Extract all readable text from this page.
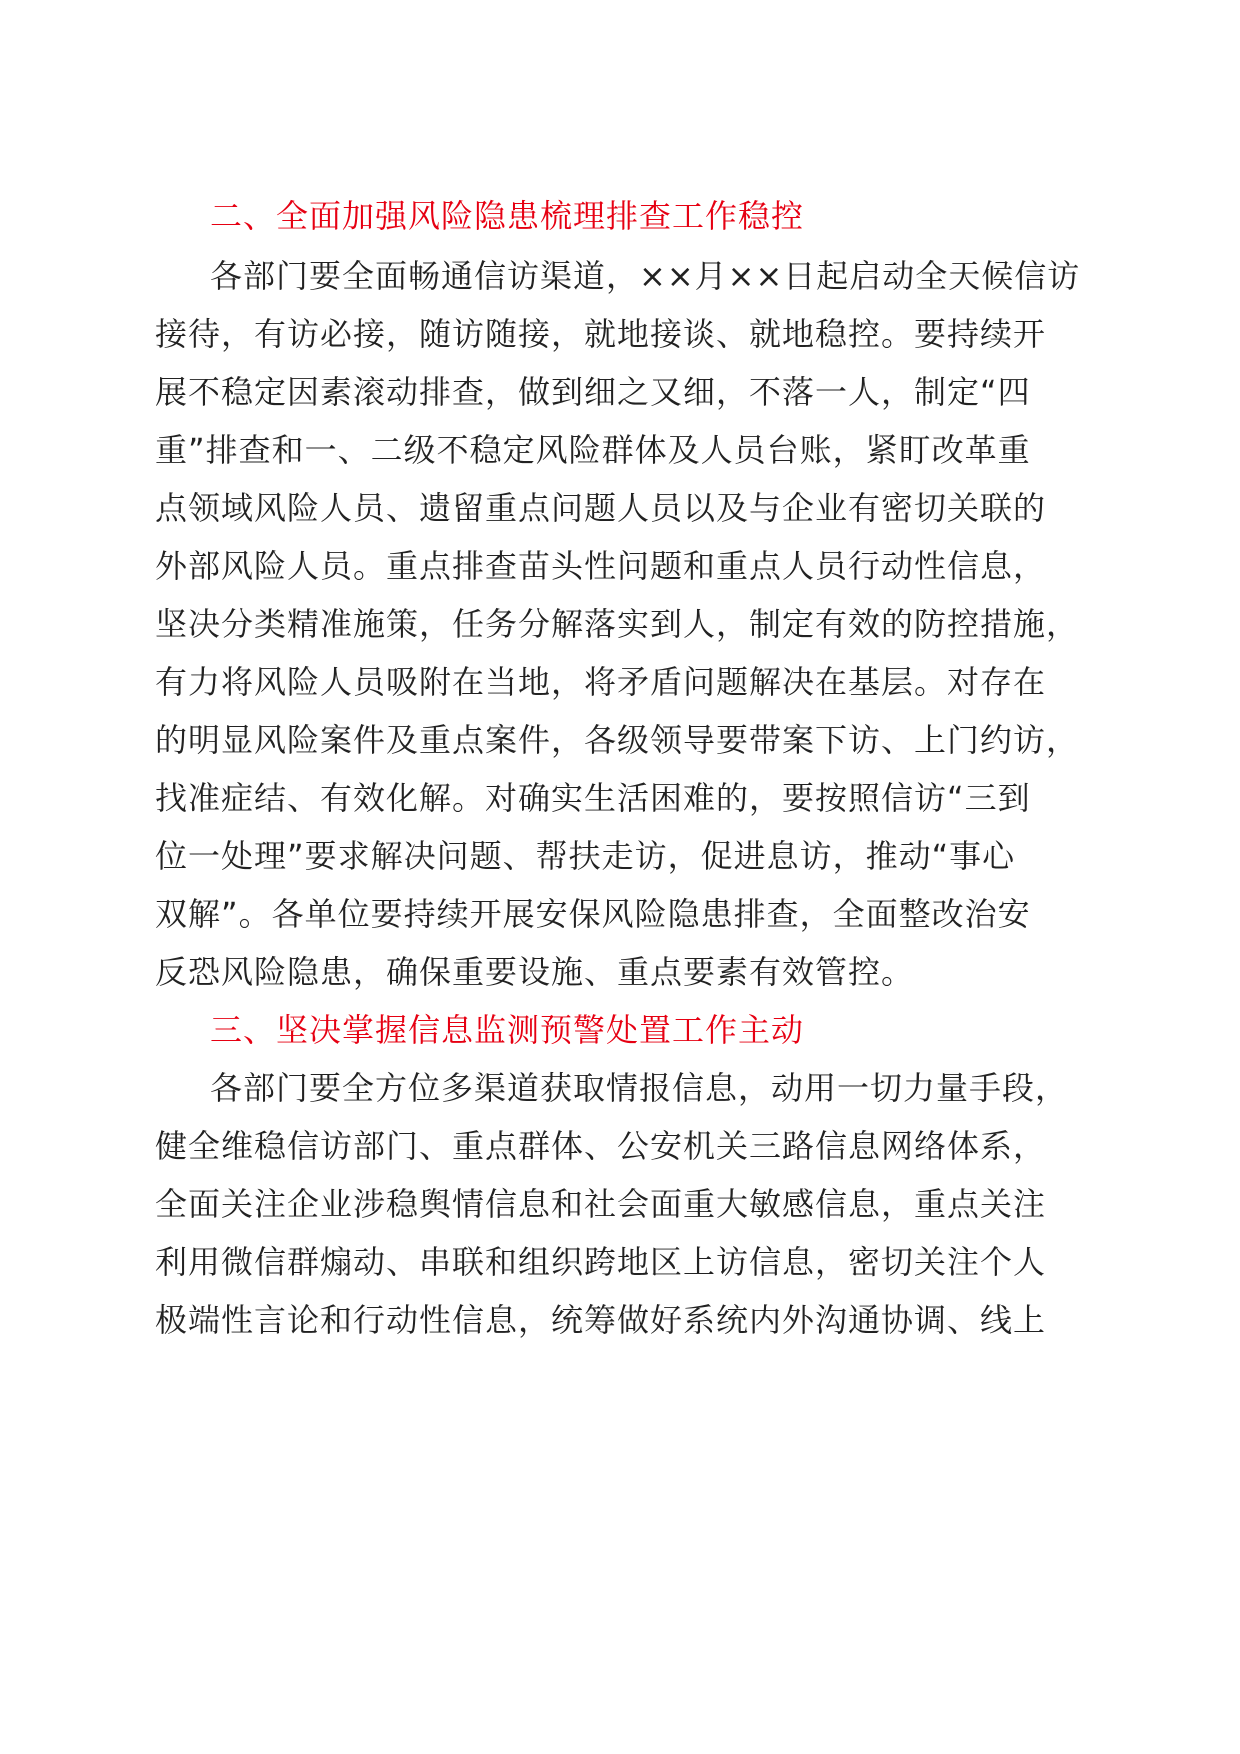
二、全面加强风险隐患梳理排查工作稳控
各部门要全面畅通信访渠道，××月××日起启动全天候信访
接待，有访必接，随访随接，就地接谈、就地稳控。要持续开
展不稳定因素滚动排查，做到细之又细，不落一人，制定“四
重”排查和一、二级不稳定风险群体及人员台账，紧盯改革重
点领域风险人员、遗留重点问题人员以及与企业有密切关联的
外部风险人员。重点排查苗头性问题和重点人员行动性信息，
坚决分类精准施策，任务分解落实到人，制定有效的防控措施，
有力将风险人员吸附在当地，将矛盾问题解决在基层。对存在
的明显风险案件及重点案件，各级领导要带案下访、上门约访，
找准症结、有效化解。对确实生活困难的，要按照信访“三到
位一处理”要求解决问题、帮扶走访，促进息访，推动“事心
双解”。各单位要持续开展安保风险隐患排查，全面整改治安
反恐风险隐患，确保重要设施、重点要素有效管控。
三、坚决掌握信息监测预警处置工作主动
各部门要全方位多渠道获取情报信息，动用一切力量手段，
健全维稳信访部门、重点群体、公安机关三路信息网络体系，
全面关注企业涉稳舆情信息和社会面重大敏感信息，重点关注
利用微信群煽动、串联和组织跨地区上访信息，密切关注个人
极端性言论和行动性信息，统筹做好系统内外沟通协调、线上
